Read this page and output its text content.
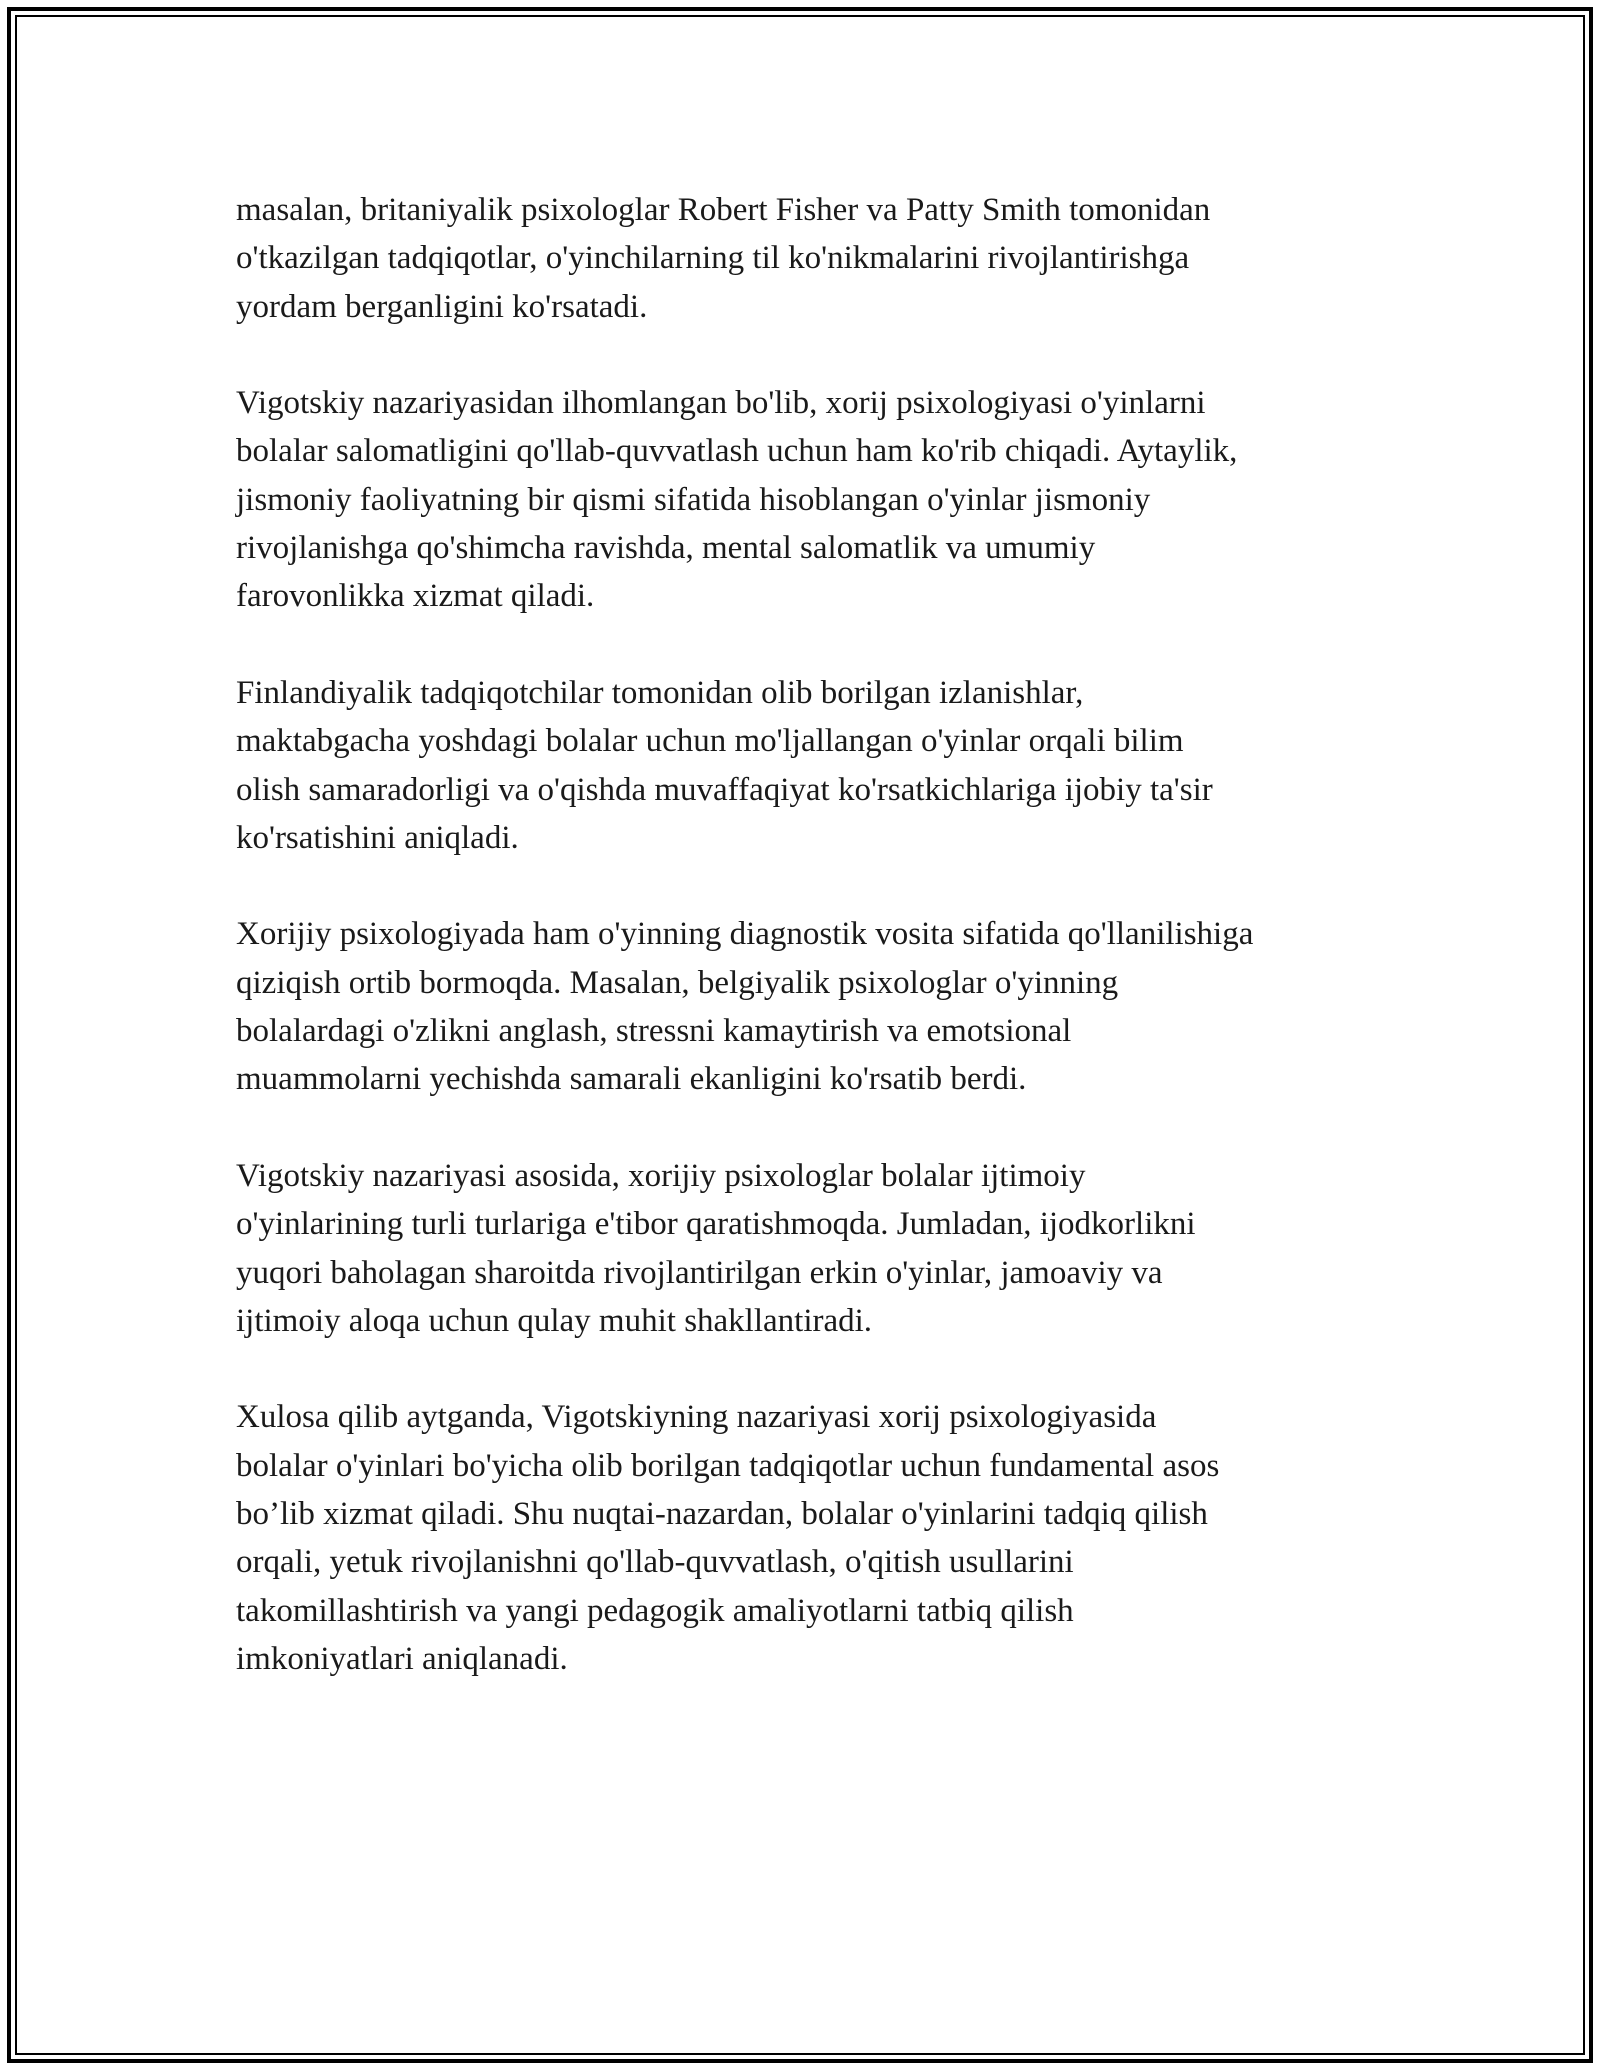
masalan, britaniyalik psixologlar Robert Fisher va Patty Smith tomonidan
o'tkazilgan tadqiqotlar, o'yinchilarning til ko'nikmalarini rivojlantirishga
yordam berganligini ko'rsatadi.

Vigotskiy nazariyasidan ilhomlangan bo'lib, xorij psixologiyasi o'yinlarni
bolalar salomatligini qo'llab-quvvatlash uchun ham ko'rib chiqadi. Aytaylik,
jismoniy faoliyatning bir qismi sifatida hisoblangan o'yinlar jismoniy
rivojlanishga qo'shimcha ravishda, mental salomatlik va umumiy
farovonlikka xizmat qiladi.

Finlandiyalik tadqiqotchilar tomonidan olib borilgan izlanishlar,
maktabgacha yoshdagi bolalar uchun mo'ljallangan o'yinlar orqali bilim
olish samaradorligi va o'qishda muvaffaqiyat ko'rsatkichlariga ijobiy ta'sir
ko'rsatishini aniqladi.

Xorijiy psixologiyada ham o'yinning diagnostik vosita sifatida qo'llanilishiga
qiziqish ortib bormoqda. Masalan, belgiyalik psixologlar o'yinning
bolalardagi o'zlikni anglash, stressni kamaytirish va emotsional
muammolarni yechishda samarali ekanligini ko'rsatib berdi.

Vigotskiy nazariyasi asosida, xorijiy psixologlar bolalar ijtimoiy
o'yinlarining turli turlariga e'tibor qaratishmoqda. Jumladan, ijodkorlikni
yuqori baholagan sharoitda rivojlantirilgan erkin o'yinlar, jamoaviy va
ijtimoiy aloqa uchun qulay muhit shakllantiradi.

Xulosa qilib aytganda, Vigotskiyning nazariyasi xorij psixologiyasida
bolalar o'yinlari bo'yicha olib borilgan tadqiqotlar uchun fundamental asos
bo’lib xizmat qiladi. Shu nuqtai-nazardan, bolalar o'yinlarini tadqiq qilish
orqali, yetuk rivojlanishni qo'llab-quvvatlash, o'qitish usullarini
takomillashtirish va yangi pedagogik amaliyotlarni tatbiq qilish
imkoniyatlari aniqlanadi.
